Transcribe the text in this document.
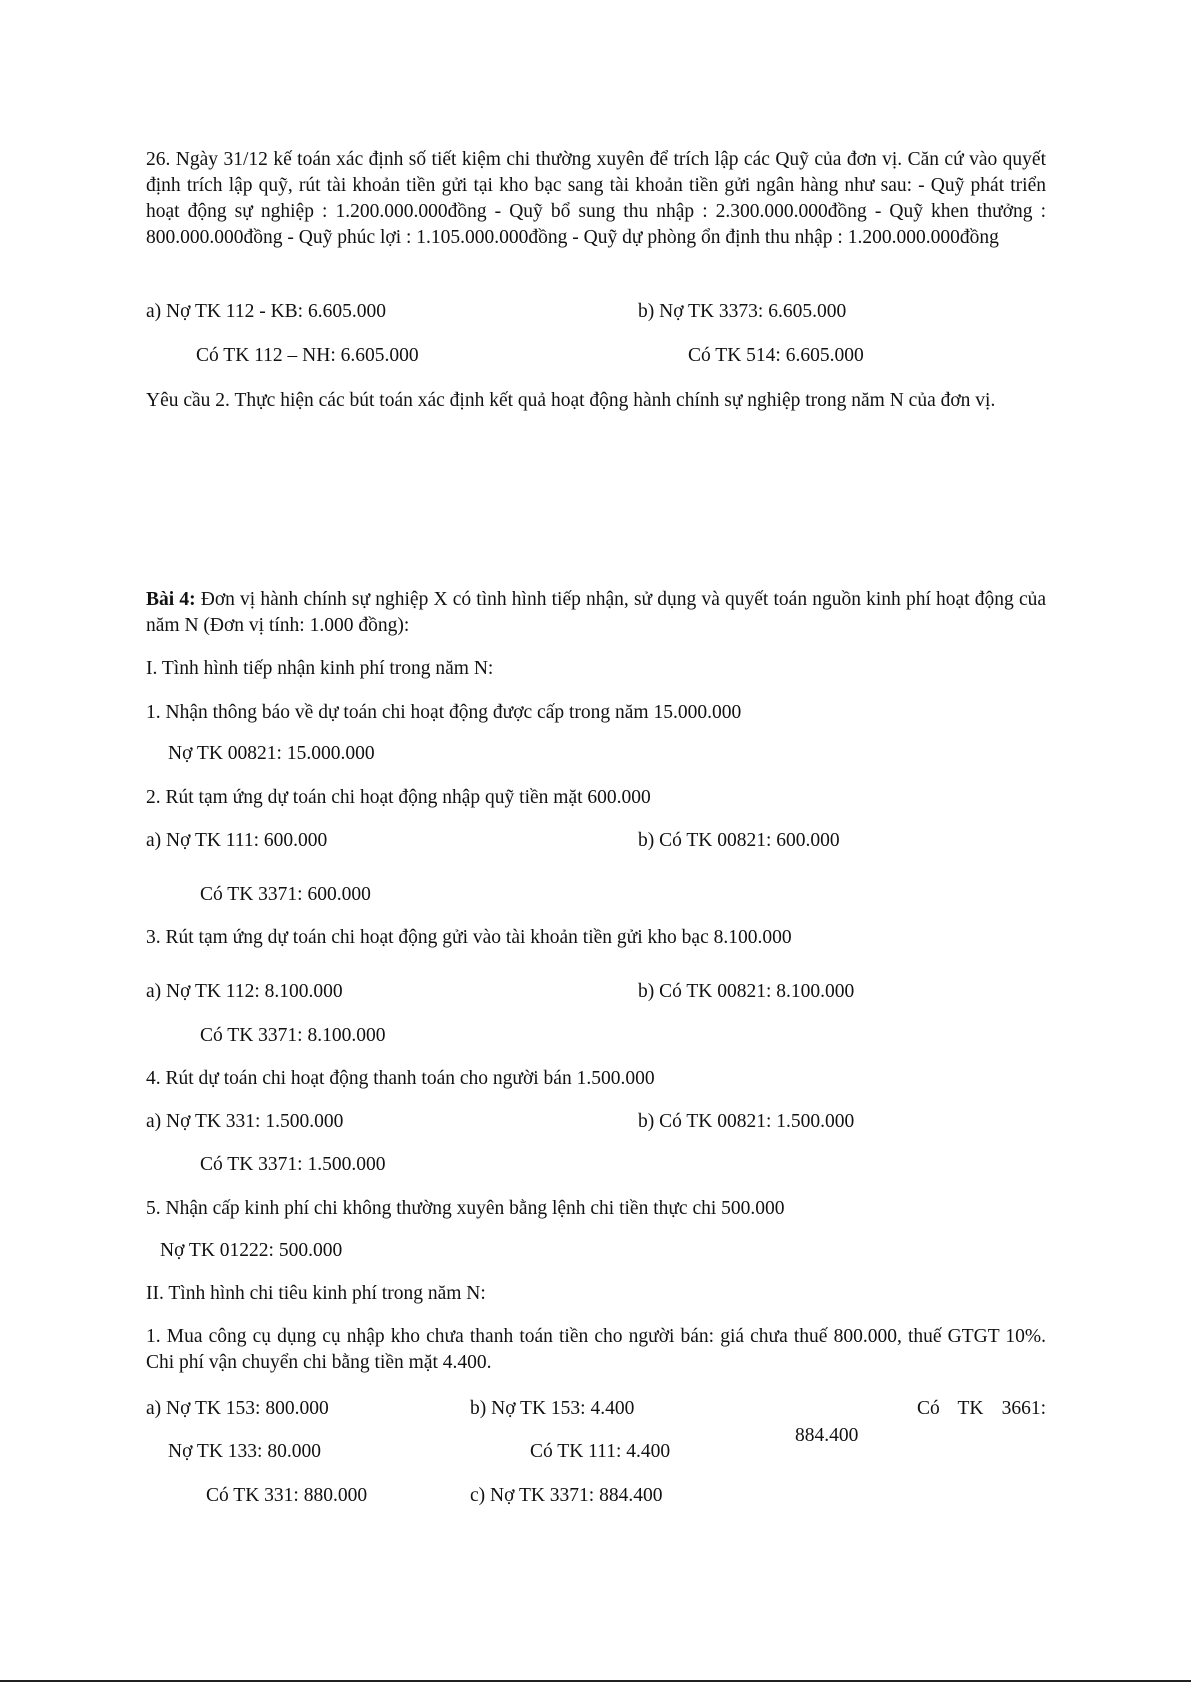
26. Ngày 31/12 kế toán xác định số tiết kiệm chi thường xuyên để trích lập các Quỹ của đơn vị. Căn cứ vào quyết định trích lập quỹ, rút tài khoản tiền gửi tại kho bạc sang tài khoản tiền gửi ngân hàng như sau: - Quỹ phát triển hoạt động sự nghiệp : 1.200.000.000đồng - Quỹ bổ sung thu nhập : 2.300.000.000đồng - Quỹ khen thưởng : 800.000.000đồng - Quỹ phúc lợi : 1.105.000.000đồng - Quỹ dự phòng ổn định thu nhập : 1.200.000.000đồng
a) Nợ TK 112 - KB: 6.605.000	b) Nợ TK 3373: 6.605.000
Có TK 112 – NH: 6.605.000	Có TK 514: 6.605.000
Yêu cầu 2. Thực hiện các bút toán xác định kết quả hoạt động hành chính sự nghiệp trong năm N của đơn vị.
Bài 4: Đơn vị hành chính sự nghiệp X có tình hình tiếp nhận, sử dụng và quyết toán nguồn kinh phí hoạt động của năm N (Đơn vị tính: 1.000 đồng):
I. Tình hình tiếp nhận kinh phí trong năm N:
1. Nhận thông báo về dự toán chi hoạt động được cấp trong năm 15.000.000
Nợ TK 00821: 15.000.000
2. Rút tạm ứng dự toán chi hoạt động nhập quỹ tiền mặt 600.000
a) Nợ TK 111: 600.000	b) Có TK 00821: 600.000
Có TK 3371: 600.000
3. Rút tạm ứng dự toán chi hoạt động gửi vào tài khoản tiền gửi kho bạc 8.100.000
a) Nợ TK 112: 8.100.000	b) Có TK 00821: 8.100.000
Có TK 3371: 8.100.000
4. Rút dự toán chi hoạt động thanh toán cho người bán 1.500.000
a) Nợ TK 331: 1.500.000	b) Có TK 00821: 1.500.000
Có TK 3371: 1.500.000
5. Nhận cấp kinh phí chi không thường xuyên bằng lệnh chi tiền thực chi 500.000
Nợ TK 01222: 500.000
II. Tình hình chi tiêu kinh phí trong năm N:
1. Mua công cụ dụng cụ nhập kho chưa thanh toán tiền cho người bán: giá chưa thuế 800.000, thuế GTGT 10%. Chi phí vận chuyển chi bằng tiền mặt 4.400.
a) Nợ TK 153: 800.000
Nợ TK 133: 80.000
Có TK 331: 880.000
b) Nợ TK 153: 4.400
Có TK 111: 4.400
c) Nợ TK 3371: 884.400
Có TK 3661:
884.400
